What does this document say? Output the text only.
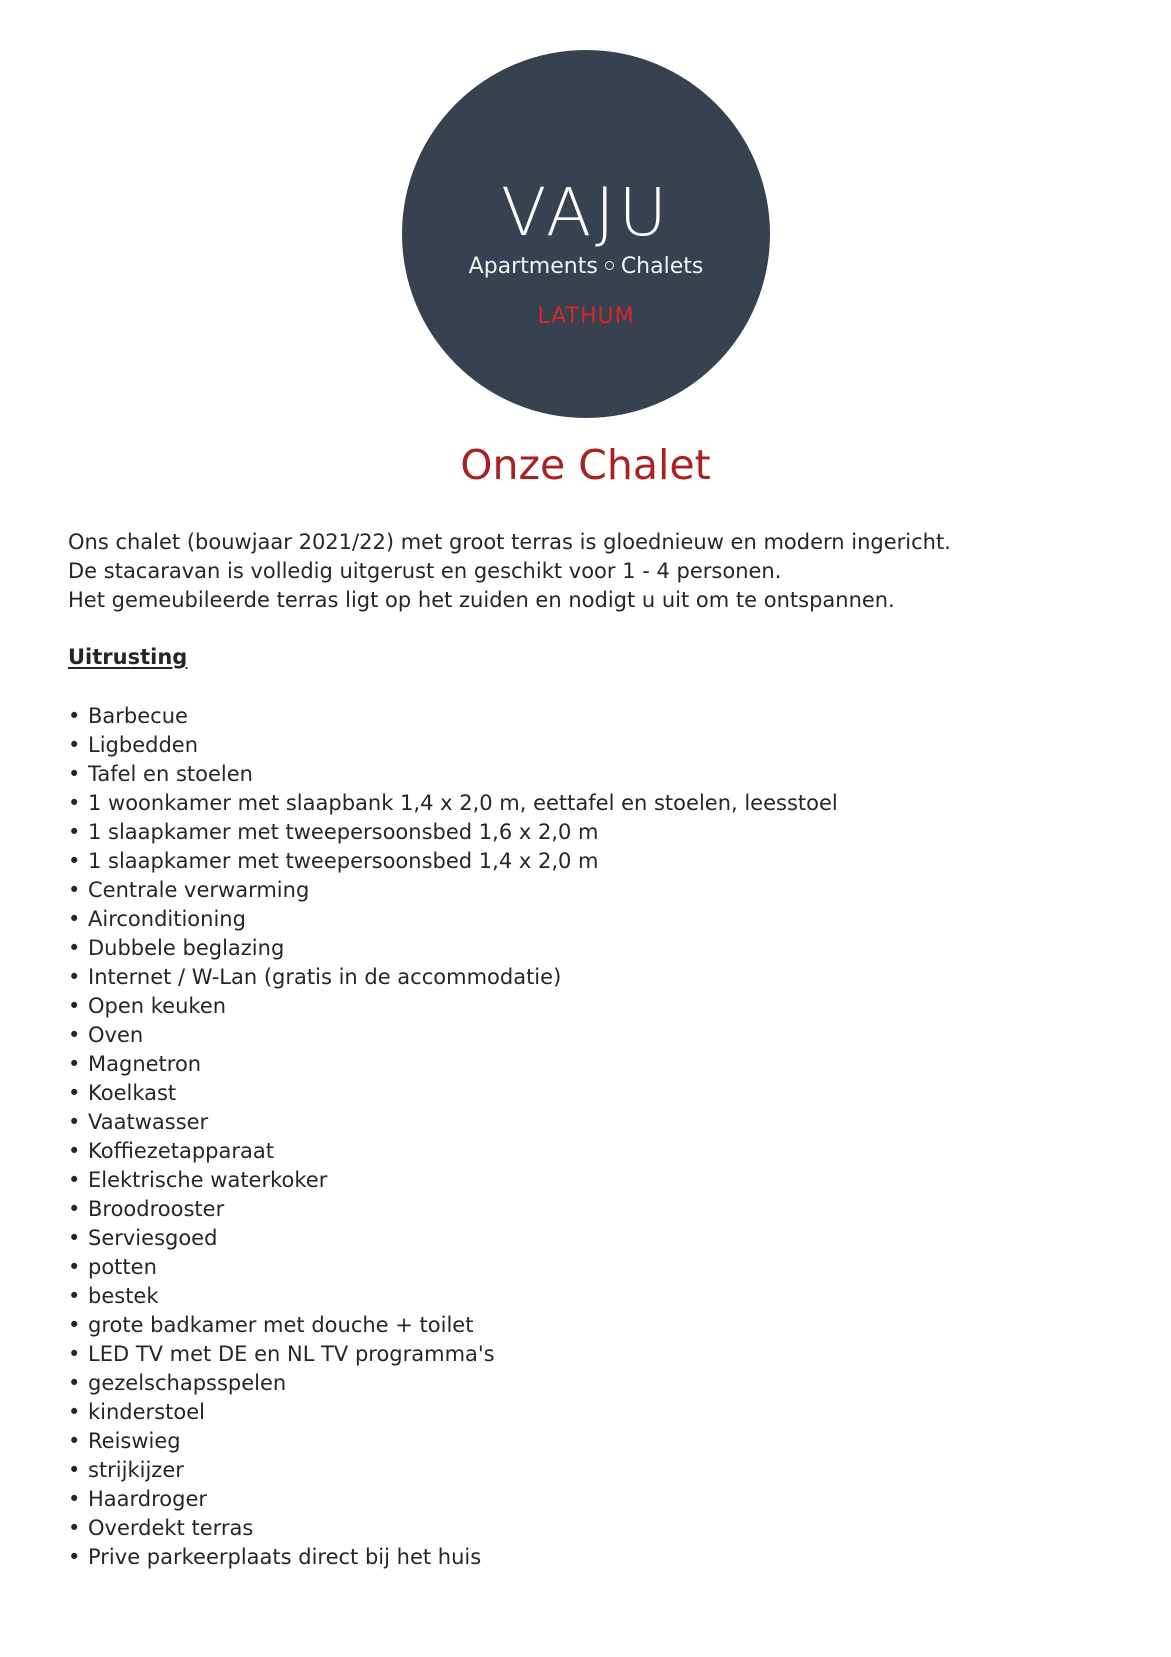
VAJU
Apartments Chalets
LATHUM
Onze Chalet

Ons chalet (bouwjaar 2021/22) met groot terras is gloednieuw en modern ingericht.

De stacaravan is volledig uitgerust en geschikt voor 1 - 4 personen.

Het gemeubileerde terras ligt op het zuiden en nodigt u uit om te ontspannen.

Uitrusting
• Barbecue
• Ligbedden
• Tafel en stoelen
• 1 woonkamer met slaapbank 1,4 x 2,0 m, eettafel en stoelen, leesstoel
• 1 slaapkamer met tweepersoonsbed 1,6 x 2,0 m
• 1 slaapkamer met tweepersoonsbed 1,4 x 2,0 m
• Centrale verwarming
• Airconditioning
• Dubbele beglazing
• Internet / W-Lan (gratis in de accommodatie)
• Open keuken
• Oven
• Magnetron
• Koelkast
• Vaatwasser
• Koffiezetapparaat
• Elektrische waterkoker
• Broodrooster
• Serviesgoed
• potten
• bestek
• grote badkamer met douche + toilet
• LED TV met DE en NL TV programma's
• gezelschapsspelen
• kinderstoel
• Reiswieg
• strijkijzer
• Haardroger
• Overdekt terras
• Prive parkeerplaats direct bij het huis
